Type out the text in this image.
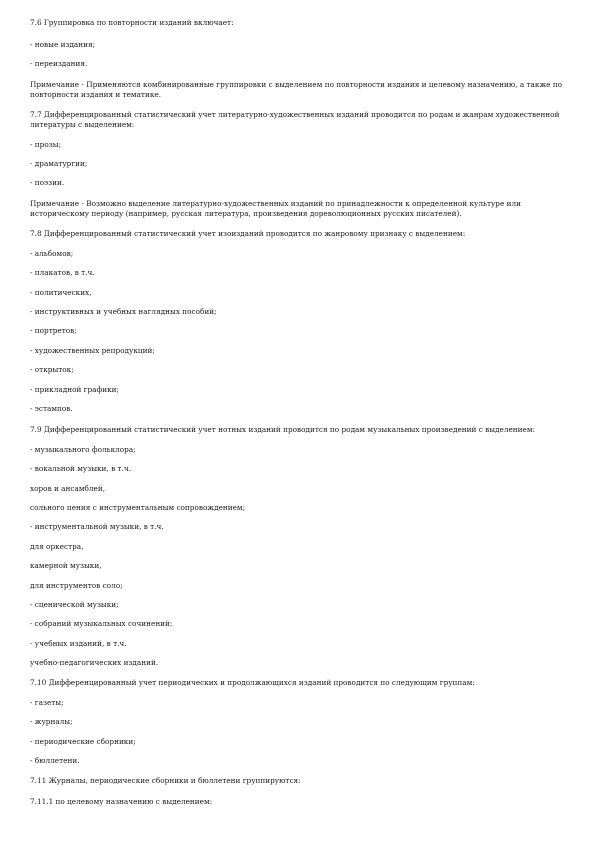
7.6 Группировка по повторности изданий включает:
- новые издания;
- переиздания.
Примечание - Применяются комбинированные группировки с выделением по повторности издания и целевому назначению, а также по
повторности издания и тематике.
7.7 Дифференцированный статистический учет литературно-художественных изданий проводится по родам и жанрам художественной
литературы с выделением:
- прозы;
- драматургии;
- поэзии.
Примечание - Возможно выделение литературно-художественных изданий по принадлежности к определенной культуре или
историческому периоду (например, русская литература, произведения дореволюционных русских писателей).
7.8 Дифференцированный статистический учет изоизданий проводится по жанровому признаку с выделением:
- альбомов;
- плакатов, в т.ч.
- политических,
- инструктивных и учебных наглядных пособий;
- портретов;
- художественных репродукций;
- открыток;
- прикладной графики;
- эстампов.
7.9 Дифференцированный статистический учет нотных изданий проводится по родам музыкальных произведений с выделением:
- музыкального фольклора;
- вокальной музыки, в т.ч.
хоров и ансамблей,
сольного пения с инструментальным сопровождением;
- инструментальной музыки, в т.ч.
для оркестра,
камерной музыки,
для инструментов соло;
- сценической музыки;
- собраний музыкальных сочинений;
- учебных изданий, в т.ч.
учебно-педагогических изданий.
7.10 Дифференцированный учет периодических и продолжающихся изданий проводится по следующим группам:
- газеты;
- журналы;
- периодические сборники;
- бюллетени.
7.11 Журналы, периодические сборники и бюллетени группируются:
7.11.1 по целевому назначению с выделением:
